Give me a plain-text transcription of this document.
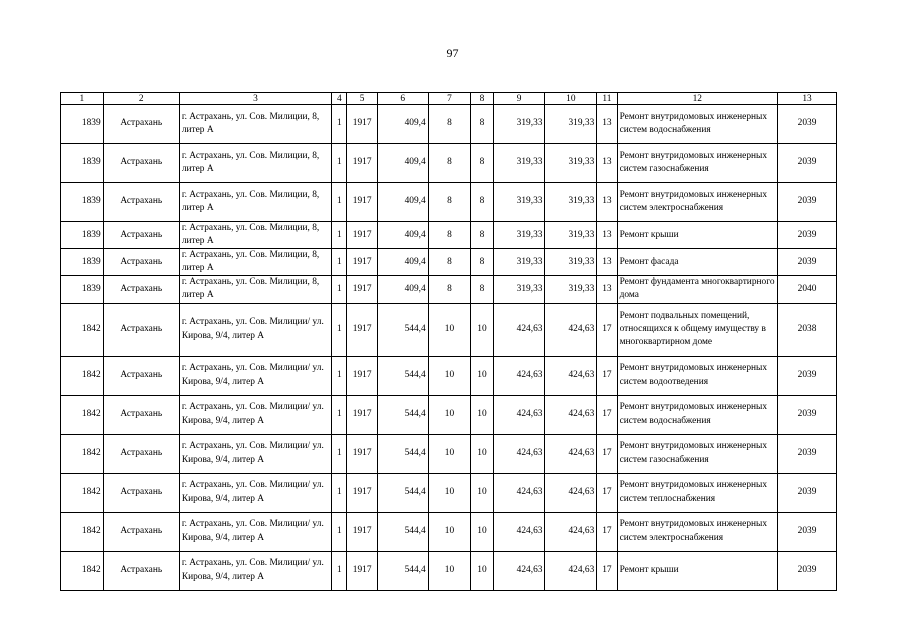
97
1	2	3	4	5	6	7	8	9	10	11	12	13
1839	Астрахань	г. Астрахань, ул. Сов. Милиции, 8, литер А	1	1917	409,4	8	8	319,33	319,33	13	Ремонт внутридомовых инженерных систем водоснабжения	2039
1839	Астрахань	г. Астрахань, ул. Сов. Милиции, 8, литер А	1	1917	409,4	8	8	319,33	319,33	13	Ремонт внутридомовых инженерных систем газоснабжения	2039
1839	Астрахань	г. Астрахань, ул. Сов. Милиции, 8, литер А	1	1917	409,4	8	8	319,33	319,33	13	Ремонт внутридомовых инженерных систем электроснабжения	2039
1839	Астрахань	г. Астрахань, ул. Сов. Милиции, 8, литер А	1	1917	409,4	8	8	319,33	319,33	13	Ремонт крыши	2039
1839	Астрахань	г. Астрахань, ул. Сов. Милиции, 8, литер А	1	1917	409,4	8	8	319,33	319,33	13	Ремонт фасада	2039
1839	Астрахань	г. Астрахань, ул. Сов. Милиции, 8, литер А	1	1917	409,4	8	8	319,33	319,33	13	Ремонт фундамента многоквартирного дома	2040
1842	Астрахань	г. Астрахань, ул. Сов. Милиции/ ул. Кирова, 9/4, литер А	1	1917	544,4	10	10	424,63	424,63	17	Ремонт подвальных помещений, относящихся к общему имуществу в многоквартирном доме	2038
1842	Астрахань	г. Астрахань, ул. Сов. Милиции/ ул. Кирова, 9/4, литер А	1	1917	544,4	10	10	424,63	424,63	17	Ремонт внутридомовых инженерных систем водоотведения	2039
1842	Астрахань	г. Астрахань, ул. Сов. Милиции/ ул. Кирова, 9/4, литер А	1	1917	544,4	10	10	424,63	424,63	17	Ремонт внутридомовых инженерных систем водоснабжения	2039
1842	Астрахань	г. Астрахань, ул. Сов. Милиции/ ул. Кирова, 9/4, литер А	1	1917	544,4	10	10	424,63	424,63	17	Ремонт внутридомовых инженерных систем газоснабжения	2039
1842	Астрахань	г. Астрахань, ул. Сов. Милиции/ ул. Кирова, 9/4, литер А	1	1917	544,4	10	10	424,63	424,63	17	Ремонт внутридомовых инженерных систем теплоснабжения	2039
1842	Астрахань	г. Астрахань, ул. Сов. Милиции/ ул. Кирова, 9/4, литер А	1	1917	544,4	10	10	424,63	424,63	17	Ремонт внутридомовых инженерных систем электроснабжения	2039
1842	Астрахань	г. Астрахань, ул. Сов. Милиции/ ул. Кирова, 9/4, литер А	1	1917	544,4	10	10	424,63	424,63	17	Ремонт крыши	2039
